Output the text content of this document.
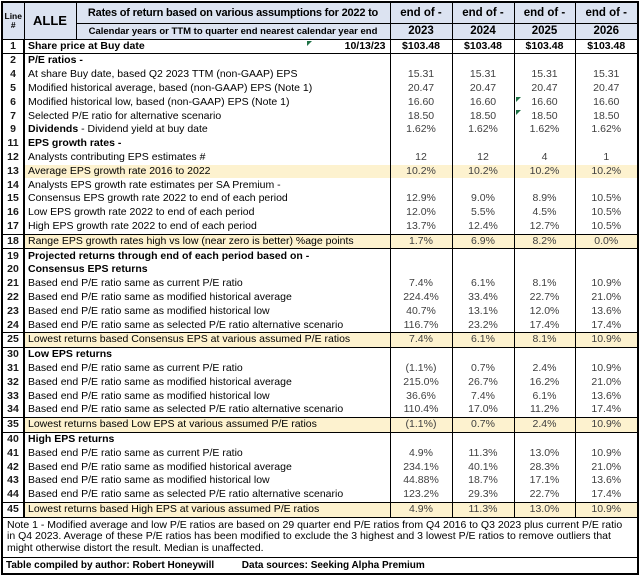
Line
#	ALLE	Rates of return based on various assumptions for 2022 to	end of -	end of -	end of -	end of -
		Calendar years or TTM to quarter end nearest calendar year end	2023	2024	2025	2026
1	Share price at Buy date 10/13/23		$103.48	$103.48	$103.48	$103.48
2	P/E ratios -					
4	At share Buy date, based Q2 2023 TTM (non-GAAP) EPS		15.31	15.31	15.31	15.31
5	Modified historical average, based (non-GAAP) EPS (Note 1)		20.47	20.47	20.47	20.47
6	Modified historical low, based (non-GAAP) EPS (Note 1)		16.60	16.60	16.60	16.60
7	Selected P/E ratio for alternative scenario		18.50	18.50	18.50	18.50
9	Dividends - Dividend yield at buy date		1.62%	1.62%	1.62%	1.62%
11	EPS growth rates -					
12	Analysts contributing EPS estimates #		12	12	4	1
13	Average EPS growth rate 2016 to 2022		10.2%	10.2%	10.2%	10.2%
14	Analysts EPS growth rate estimates per SA Premium -					
15	Consensus EPS growth rate 2022 to end of each period		12.9%	9.0%	8.9%	10.5%
16	Low EPS growth rate 2022 to end of each period		12.0%	5.5%	4.5%	10.5%
17	High EPS growth rate 2022 to end of each period		13.7%	12.4%	12.7%	10.5%
18	Range EPS growth rates high vs low (near zero is better) %age points		1.7%	6.9%	8.2%	0.0%
19	Projected returns through end of each period based on -					
20	Consensus EPS returns					
21	Based end P/E ratio same as current P/E ratio		7.4%	6.1%	8.1%	10.9%
22	Based end P/E ratio same as modified historical average		224.4%	33.4%	22.7%	21.0%
23	Based end P/E ratio same as modified historical low		40.7%	13.1%	12.0%	13.6%
24	Based end P/E ratio same as selected P/E ratio alternative scenario		116.7%	23.2%	17.4%	17.4%
25	Lowest returns based Consensus EPS at various assumed P/E ratios		7.4%	6.1%	8.1%	10.9%
30	Low EPS returns					
31	Based end P/E ratio same as current P/E ratio		(1.1%)	0.7%	2.4%	10.9%
32	Based end P/E ratio same as modified historical average		215.0%	26.7%	16.2%	21.0%
33	Based end P/E ratio same as modified historical low		36.6%	7.4%	6.1%	13.6%
34	Based end P/E ratio same as selected P/E ratio alternative scenario		110.4%	17.0%	11.2%	17.4%
35	Lowest returns based Low EPS at various assumed P/E ratios		(1.1%)	0.7%	2.4%	10.9%
40	High EPS returns					
41	Based end P/E ratio same as current P/E ratio		4.9%	11.3%	13.0%	10.9%
42	Based end P/E ratio same as modified historical average		234.1%	40.1%	28.3%	21.0%
43	Based end P/E ratio same as modified historical low		44.88%	18.7%	17.1%	13.6%
44	Based end P/E ratio same as selected P/E ratio alternative scenario		123.2%	29.3%	22.7%	17.4%
45	Lowest returns based High EPS at various assumed P/E ratios		4.9%	11.3%	13.0%	10.9%
Note 1 - Modified average and low P/E ratios are based on 29 quarter end P/E ratios from Q4 2016 to Q3 2023 plus current P/E ratio in Q4 2023. Average of these P/E ratios has been modified to exclude the 3 highest and 3 lowest P/E ratios to remove outliers that might otherwise distort the result. Median is unaffected.						
Table compiled by author: Robert Honeywill Data sources: Seeking Alpha Premium						
